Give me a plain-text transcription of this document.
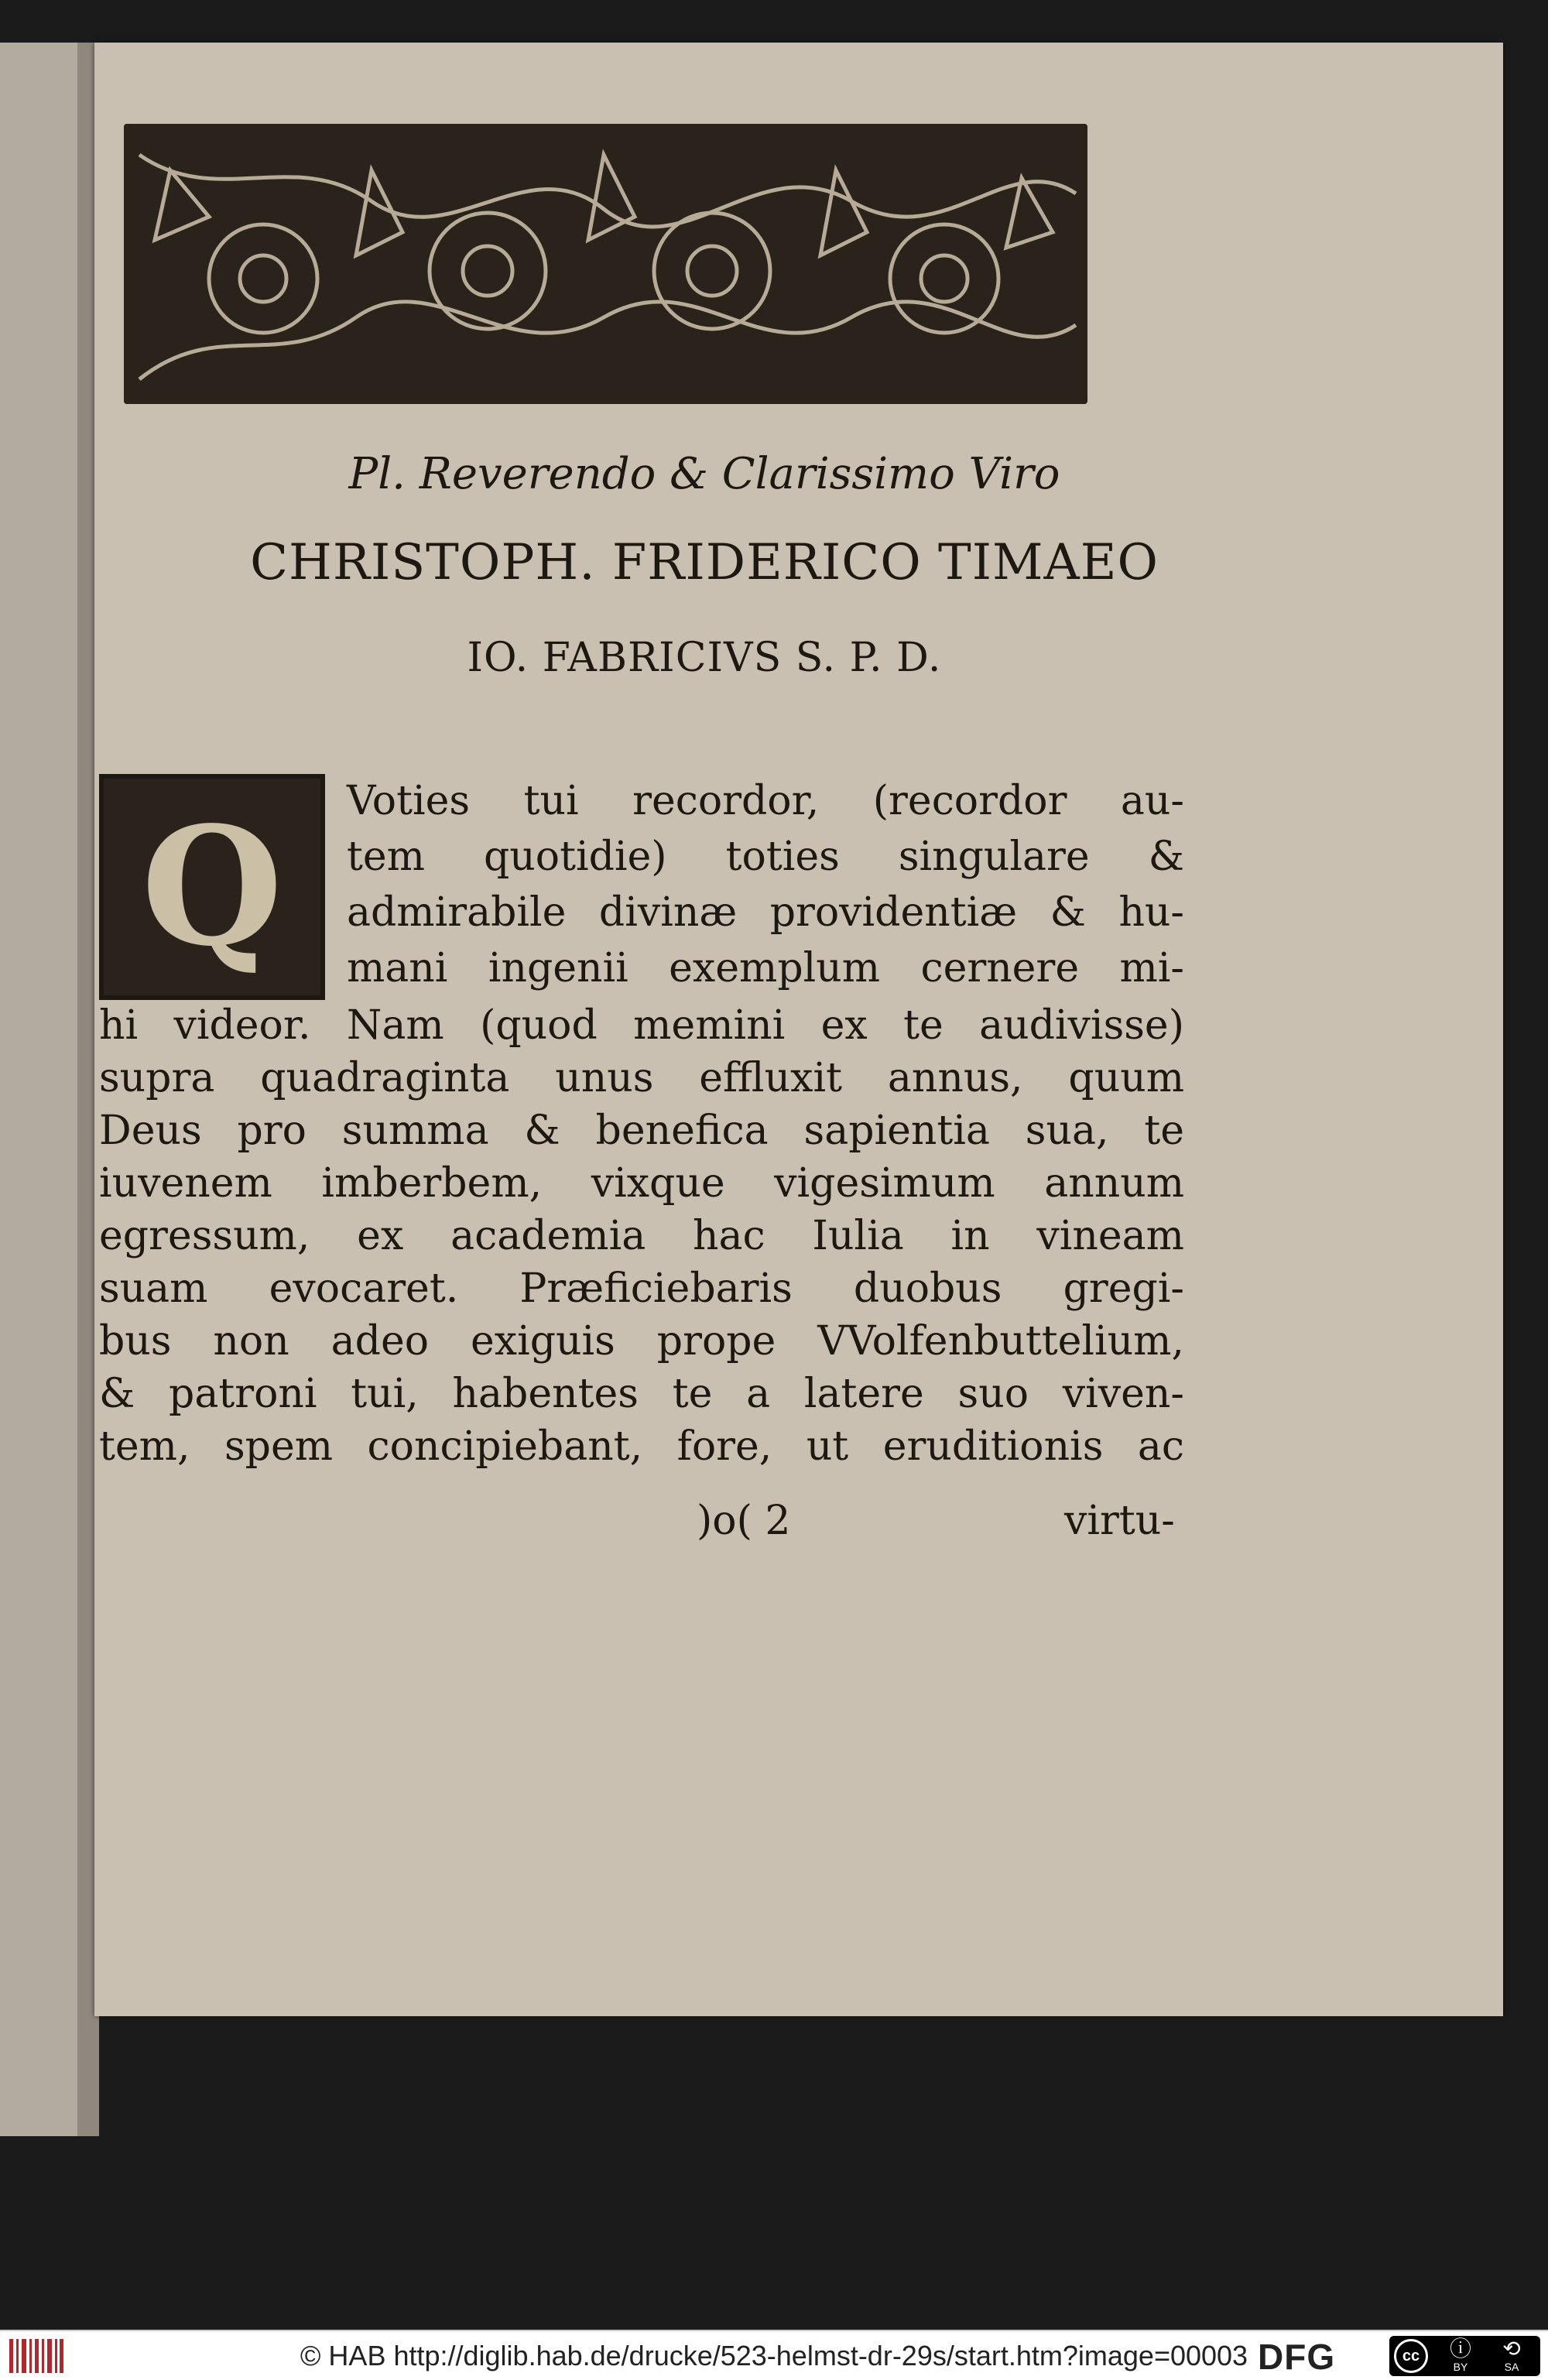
Pl. Reverendo & Clarissimo Viro
CHRISTOPH. FRIDERICO TIMAEO
IO. FABRICIVS S. P. D.
Q	Voties tui recordor, (recordor au-
tem quotidie) toties singulare &
admirabile divinæ providentiæ & hu-
mani ingenii exemplum cernere mi-
hi videor. Nam (quod memini ex te audivisse)
supra quadraginta unus effluxit annus, quum
Deus pro summa & benefica sapientia sua, te
iuvenem imberbem, vixque vigesimum annum
egressum, ex academia hac Iulia in vineam
suam evocaret. Præficiebaris duobus gregi-
bus non adeo exiguis prope VVolfenbuttelium,
& patroni tui, habentes te a latere suo viven-
tem, spem concipiebant, fore, ut eruditionis ac
)o( 2	virtu-
© HAB http://diglib.hab.de/drucke/523-helmst-dr-29s/start.htm?image=00003 DFG	cc	ⓘ
BY
⟲
SA
